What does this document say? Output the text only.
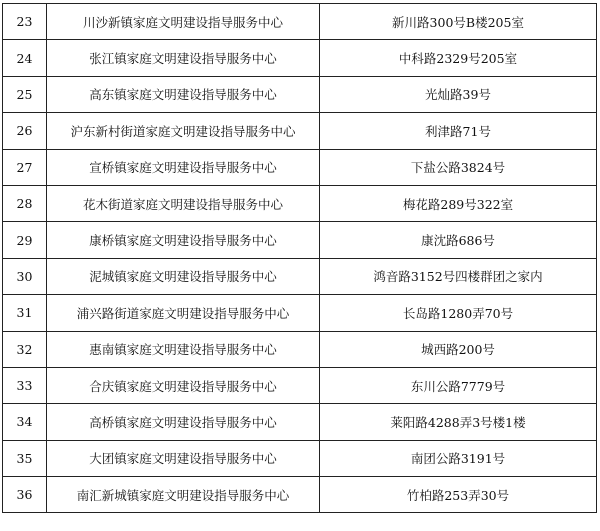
23	川沙新镇家庭文明建设指导服务中心	新川路300号B楼205室
24	张江镇家庭文明建设指导服务中心	中科路2329号205室
25	高东镇家庭文明建设指导服务中心	光灿路39号
26	沪东新村街道家庭文明建设指导服务中心	利津路71号
27	宣桥镇家庭文明建设指导服务中心	下盐公路3824号
28	花木街道家庭文明建设指导服务中心	梅花路289号322室
29	康桥镇家庭文明建设指导服务中心	康沈路686号
30	泥城镇家庭文明建设指导服务中心	鸿音路3152号四楼群团之家内
31	浦兴路街道家庭文明建设指导服务中心	长岛路1280弄70号
32	惠南镇家庭文明建设指导服务中心	城西路200号
33	合庆镇家庭文明建设指导服务中心	东川公路7779号
34	高桥镇家庭文明建设指导服务中心	莱阳路4288弄3号楼1楼
35	大团镇家庭文明建设指导服务中心	南团公路3191号
36	南汇新城镇家庭文明建设指导服务中心	竹柏路253弄30号
